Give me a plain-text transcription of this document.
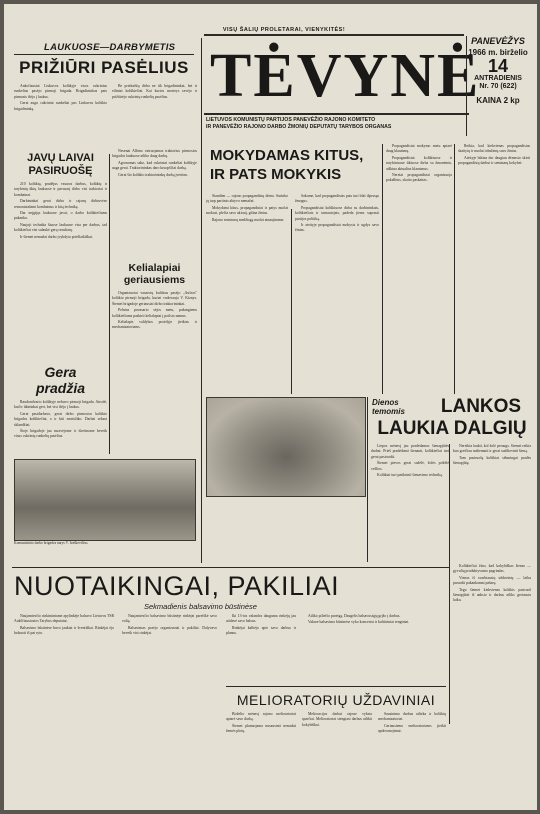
LAUKUOSE—DARBYMETIS
VISŲ ŠALIŲ PROLETARAI, VIENYKITĖS!
TĖVYNĖ
LIETUVOS KOMUNISTŲ PARTIJOS PANEVĖŽIO RAJONO KOMITETO
IR PANEVĖŽIO RAJONO DARBO ŽMONIŲ DEPUTATŲ TARYBOS ORGANAS
PANEVĖŽYS
1966 m. birželio
14
ANTRADIENIS
Nr. 70 (622)
KAINA 2 kp
PRIŽIŪRI PASĖLIUS

Anksčiausiai Liukuvos kolūkyje visos cukrinius runkelius pasėjo pirmoji brigada. Brigadininkas pats pirmasis išėjo į laukus.

Gerai auga cukriniai runkeliai pas Linkuvos kolūkio brigadininką.

Be priekaištų dirba ne tik brigadininkai, bet ir eiliniai kolūkiečiai. Kai kurios moterys ravėjo ir prižiūrėjo cukrinių runkelių pasėlius.

JAVŲ LAIVAI
PASIRUOŠĘ

210 kolūkių, pradėjus vasaros darbus, kolūkių ir tarybinių ūkių laukuose ir pavasarį dirbo visi traktoriai ir kombainai.

Darbininkai gerai dirba ir rajonų dirbtuvėse remontuodami kombainus ir kitą techniką.

Dar neįgijęs laukuose javai, o darbo kolūkiečiams pakanka.

Naujoji technika šiuose laukuose visa per darbus, tad kolūkiečiai visi sulaukė gerų rezultatų.

Ir šiemet nemažai darbo įvykdyta priešlaikiškai.

Gera
pradžia

Raudondvario kolūkyje nebuvo pirmoji brigada. Atrodė, kad ir ūkininkai geri, bet visi išėjo į laukus.

Gerai pasidarbavo, gerai dirbo pirmosios kolūkio brigados kolūkiečiai, o ir kiti neatsiliko. Darbai sekasi sklandžiai.

Šioje brigadoje jau suravėjome ir išretinome beveik visus cukrinių runkelių pasėlius.

Nesenai Albino vairuojamas traktorius pirmosios brigados laukuose atliko daug darbų.

Agronomas sako, kad cukriniai runkeliai kolūkyje auga gerai. Traktorininkas daro kruopščiai darbą.

Gerai šio kolūkio traktorininkų darbą įvertino.

Kelialapiai
geriausiems

Organizuotai vasarotų kultūras pasėjo „Aušros" kolūkio pirmoji brigada, kuriai vadovauja V. Kiznys. Šiemet brigadoje geriausiai dirbo traktorininkai.

Pelnius pavasario sėjos metu, pažangiems kolūkiečiams paskirti kelialapiai į poilsio namus.

Kelialapis valdybos posėdyje įteiktas ir mechanizatoriams.

Komunistinio darbo brigados narys V. Ivaškevičius.
MOKYDAMAS KITUS,
IR PATS MOKYKIS

Šiandien — rajono propagandistų diena. Surinko jų tarp partinio aktyvo nemažai.

Mokydami kitus, propagandistai ir patys nuolat mokosi, plečia savo akiratį, gilina žinias.

Rajono seminarų medžiagą nuolat atnaujiname.

Sakome, kad propagandistas pats turi būti išprusęs žmogus.

Propagandistai kolūkiuose dirba su darbininkais, kolūkiečiais ir tarnautojais, padeda jiems suprasti partijos politiką.

Ir ateityje propagandistai mokysis ir ugdys savo žinias.

Propagandistai mokymo metu aptarė daug klausimų.

Propagandistai kolūkiuose ir tarybiniuose ūkiuose dirba su žmonėmis, aiškina aktualius klausimus.

Neretai propagandistai organizuoja pokalbius, skaito paskaitas.

Reikia, kad kiekvienas propagandistas skaitytų ir nuolat tobulintų savo žinias.

Ateityje būtina dar daugiau dėmesio skirti propagandistų darbui ir seminarų kokybei.

Dienos
temomis	LANKOS
LAUKIA DALGIŲ

Liepos mėnesį jau pradedamas šienapjūtės darbai. Prieš pradėdami šienauti, kolūkiečiai turi gerai pasiruošti.

Šiemet pievos gerai sužėlė, žolės prižėlė vešlios.

Kolūkiai turi patikrinti šienavimo techniką.

Nereikia laukti, kol žolė peraugs. Šiemet reikia kuo greičiau nušienauti ir gerai sudžiovinti šieną.

Tam pasiruošę kolūkiai sėkmingai pradės šienapjūtę.

Kolūkiečiai žino, kad kokybiškas šienas — gyvulių produktyvumo pagrindas.

Vienas iš svarbiausių uždavinių — laiku paruošti pakankamai pašarų.

Tegu šiemet kiekvienas kolūkis pasiruoš šienapjūtei iš anksto ir darbus atliks geriausiu laiku.

NUOTAIKINGAI, PAKILIAI
Sekmadienis balsavimo būstinėse

Naujamiesčio rinkiminiame apylinkėje balsavo Lietuvos TSR Aukščiausiosios Tarybos deputatai.

Balsavimo būstinėse buvo jaukiai ir šventiškai. Rinkėjai ėjo balsuoti iš pat ryto.

Naujamiesčio balsavimo būstinėje rinkėjai pareiškė savo valią.

Balsavimas praėjo organizuotai ir pakiliai. Dalyvavo beveik visi rinkėjai.

Iki 13-tos valandos dauguma rinkėjų jau atidavė savo balsus.

Rinkėjai kalbėjo apie savo darbus ir planus.

Atliko piliečio pareigą. Daugelis balsavusiųjų grįžo į darbus.

Vakare balsavimo būstinėse vyko koncertai ir kultūriniai renginiai.

MELIORATORIŲ UŽDAVINIAI

Birželio mėnesį rajono melioratoriai aptarė savo darbą.

Šiemet planuojama nusausinti nemažai žemės plotų.

Melioracijos darbai rajone vyksta sparčiai. Melioratoriai stengiasi darbus atlikti kokybiškai.

Sausinimo darbus atlieka ir kolūkių mechanizatoriai.

Geriausiems melioratoriams įteikti apdovanojimai.
